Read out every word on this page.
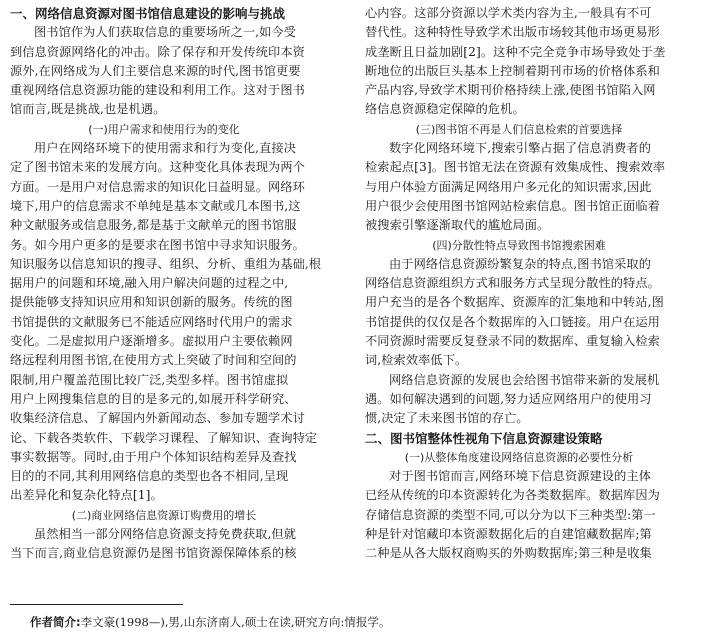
一、网络信息资源对图书馆信息建设的影响与挑战
图书馆作为人们获取信息的重要场所之一,如今受
到信息资源网络化的冲击。除了保存和开发传统印本资
源外,在网络成为人们主要信息来源的时代,图书馆更要
重视网络信息资源功能的建设和利用工作。这对于图书
馆而言,既是挑战,也是机遇。
(一)用户需求和使用行为的变化
用户在网络环境下的使用需求和行为变化,直接决
定了图书馆未来的发展方向。这种变化具体表现为两个
方面。一是用户对信息需求的知识化日益明显。网络环
境下,用户的信息需求不单纯是基本文献或几本图书,这
种文献服务或信息服务,都是基于文献单元的图书馆服
务。如今用户更多的是要求在图书馆中寻求知识服务。
知识服务以信息知识的搜寻、组织、分析、重组为基础,根
据用户的问题和环境,融入用户解决问题的过程之中,
提供能够支持知识应用和知识创新的服务。传统的图
书馆提供的文献服务已不能适应网络时代用户的需求
变化。二是虚拟用户逐渐增多。虚拟用户主要依赖网
络远程利用图书馆,在使用方式上突破了时间和空间的
限制,用户覆盖范围比较广泛,类型多样。图书馆虚拟
用户上网搜集信息的目的是多元的,如展开科学研究、
收集经济信息、了解国内外新闻动态、参加专题学术讨
论、下载各类软件、下载学习课程、了解知识、查询特定
事实数据等。同时,由于用户个体知识结构差异及查找
目的的不同,其利用网络信息的类型也各不相同,呈现
出差异化和复杂化特点[1]。
(二)商业网络信息资源订购费用的增长
虽然相当一部分网络信息资源支持免费获取,但就
当下而言,商业信息资源仍是图书馆资源保障体系的核
心内容。这部分资源以学术类内容为主,一般具有不可
替代性。这种特性导致学术出版市场较其他市场更易形
成垄断且日益加剧[2]。这种不完全竞争市场导致处于垄
断地位的出版巨头基本上控制着期刊市场的价格体系和
产品内容,导致学术期刊价格持续上涨,使图书馆陷入网
络信息资源稳定保障的危机。
(三)图书馆不再是人们信息检索的首要选择
数字化网络环境下,搜索引擎占据了信息消费者的
检索起点[3]。图书馆无法在资源有效集成性、搜索效率
与用户体验方面满足网络用户多元化的知识需求,因此
用户很少会使用图书馆网站检索信息。图书馆正面临着
被搜索引擎逐渐取代的尴尬局面。
(四)分散性特点导致图书馆搜索困难
由于网络信息资源纷繁复杂的特点,图书馆采取的
网络信息资源组织方式和服务方式呈现分散性的特点。
用户充当的是各个数据库、资源库的汇集地和中转站,图
书馆提供的仅仅是各个数据库的入口链接。用户在运用
不同资源时需要反复登录不同的数据库、重复输入检索
词,检索效率低下。
网络信息资源的发展也会给图书馆带来新的发展机
遇。如何解决遇到的问题,努力适应网络用户的使用习
惯,决定了未来图书馆的存亡。
二、图书馆整体性视角下信息资源建设策略
(一)从整体角度建设网络信息资源的必要性分析
对于图书馆而言,网络环境下信息资源建设的主体
已经从传统的印本资源转化为各类数据库。数据库因为
存储信息资源的类型不同,可以分为以下三种类型:第一
种是针对馆藏印本资源数据化后的自建馆藏数据库;第
二种是从各大版权商购买的外购数据库;第三种是收集
作者简介:李文豪(1998—),男,山东济南人,硕士在读,研究方向:情报学。
